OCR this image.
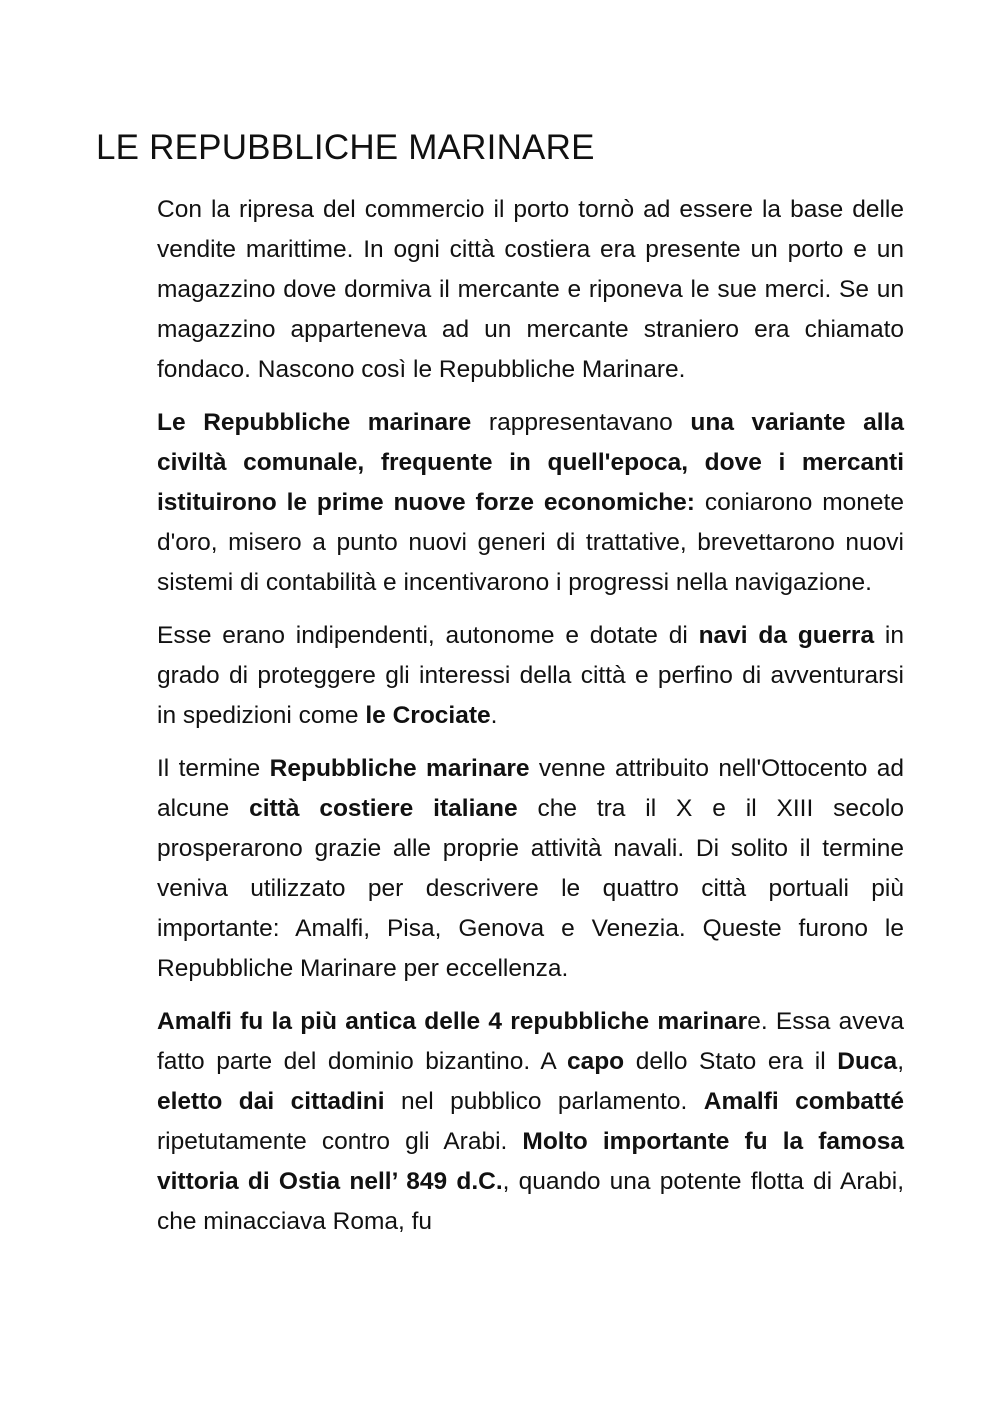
LE REPUBBLICHE MARINARE

Con la ripresa del commercio il porto tornò ad essere la base delle vendite marittime. In ogni città costiera era presente un porto e un magazzino dove dormiva il mercante e riponeva le sue merci. Se un magazzino apparteneva ad un mercante straniero era chiamato fondaco. Nascono così le Repubbliche Marinare.

Le Repubbliche marinare rappresentavano una variante alla civiltà comunale, frequente in quell'epoca, dove i mercanti istituirono le prime nuove forze economiche: coniarono monete d'oro, misero a punto nuovi generi di trattative, brevettarono nuovi sistemi di contabilità e incentivarono i progressi nella navigazione.

Esse erano indipendenti, autonome e dotate di navi da guerra in grado di proteggere gli interessi della città e perfino di avventurarsi in spedizioni come le Crociate.

Il termine Repubbliche marinare venne attribuito nell'Ottocento ad alcune città costiere italiane che tra il X e il XIII secolo prosperarono grazie alle proprie attività navali. Di solito il termine veniva utilizzato per descrivere le quattro città portuali più importante: Amalfi, Pisa, Genova e Venezia. Queste furono le Repubbliche Marinare per eccellenza.

Amalfi fu la più antica delle 4 repubbliche marinare. Essa aveva fatto parte del dominio bizantino. A capo dello Stato era il Duca, eletto dai cittadini nel pubblico parlamento. Amalfi combatté ripetutamente contro gli Arabi. Molto importante fu la famosa vittoria di Ostia nell’ 849 d.C., quando una potente flotta di Arabi, che minacciava Roma, fu
